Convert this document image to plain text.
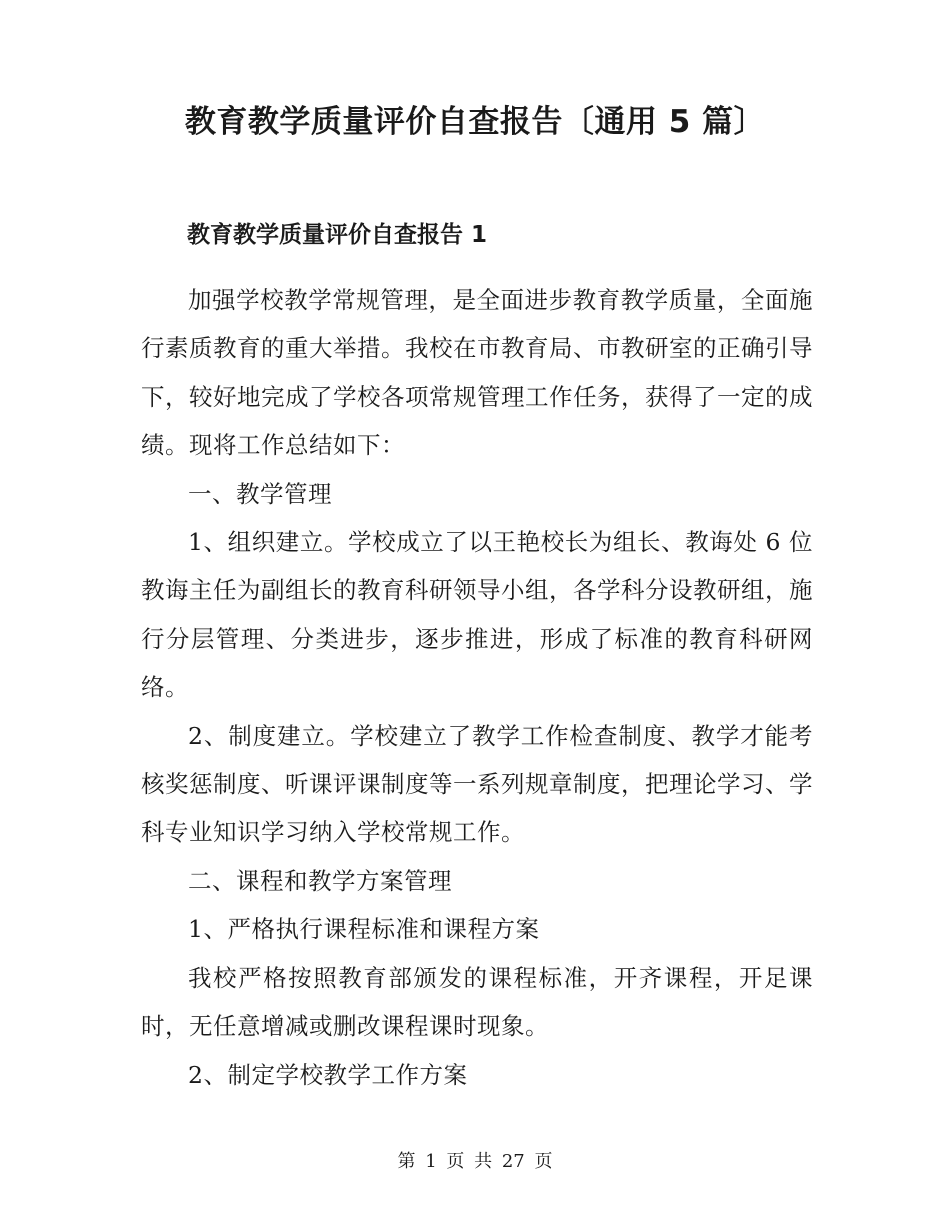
教育教学质量评价自查报告〔通用 5 篇〕
教育教学质量评价自查报告 1

加强学校教学常规管理，是全面进步教育教学质量，全面施行素质教育的重大举措。我校在市教育局、市教研室的正确引导下，较好地完成了学校各项常规管理工作任务，获得了一定的成绩。现将工作总结如下：

一、教学管理

1、组织建立。学校成立了以王艳校长为组长、教诲处 6 位教诲主任为副组长的教育科研领导小组，各学科分设教研组，施行分层管理、分类进步，逐步推进，形成了标准的教育科研网络。

2、制度建立。学校建立了教学工作检查制度、教学才能考核奖惩制度、听课评课制度等一系列规章制度，把理论学习、学科专业知识学习纳入学校常规工作。

二、课程和教学方案管理

1、严格执行课程标准和课程方案

我校严格按照教育部颁发的课程标准，开齐课程，开足课时，无任意增减或删改课程课时现象。

2、制定学校教学工作方案

第 1 页 共 27 页
